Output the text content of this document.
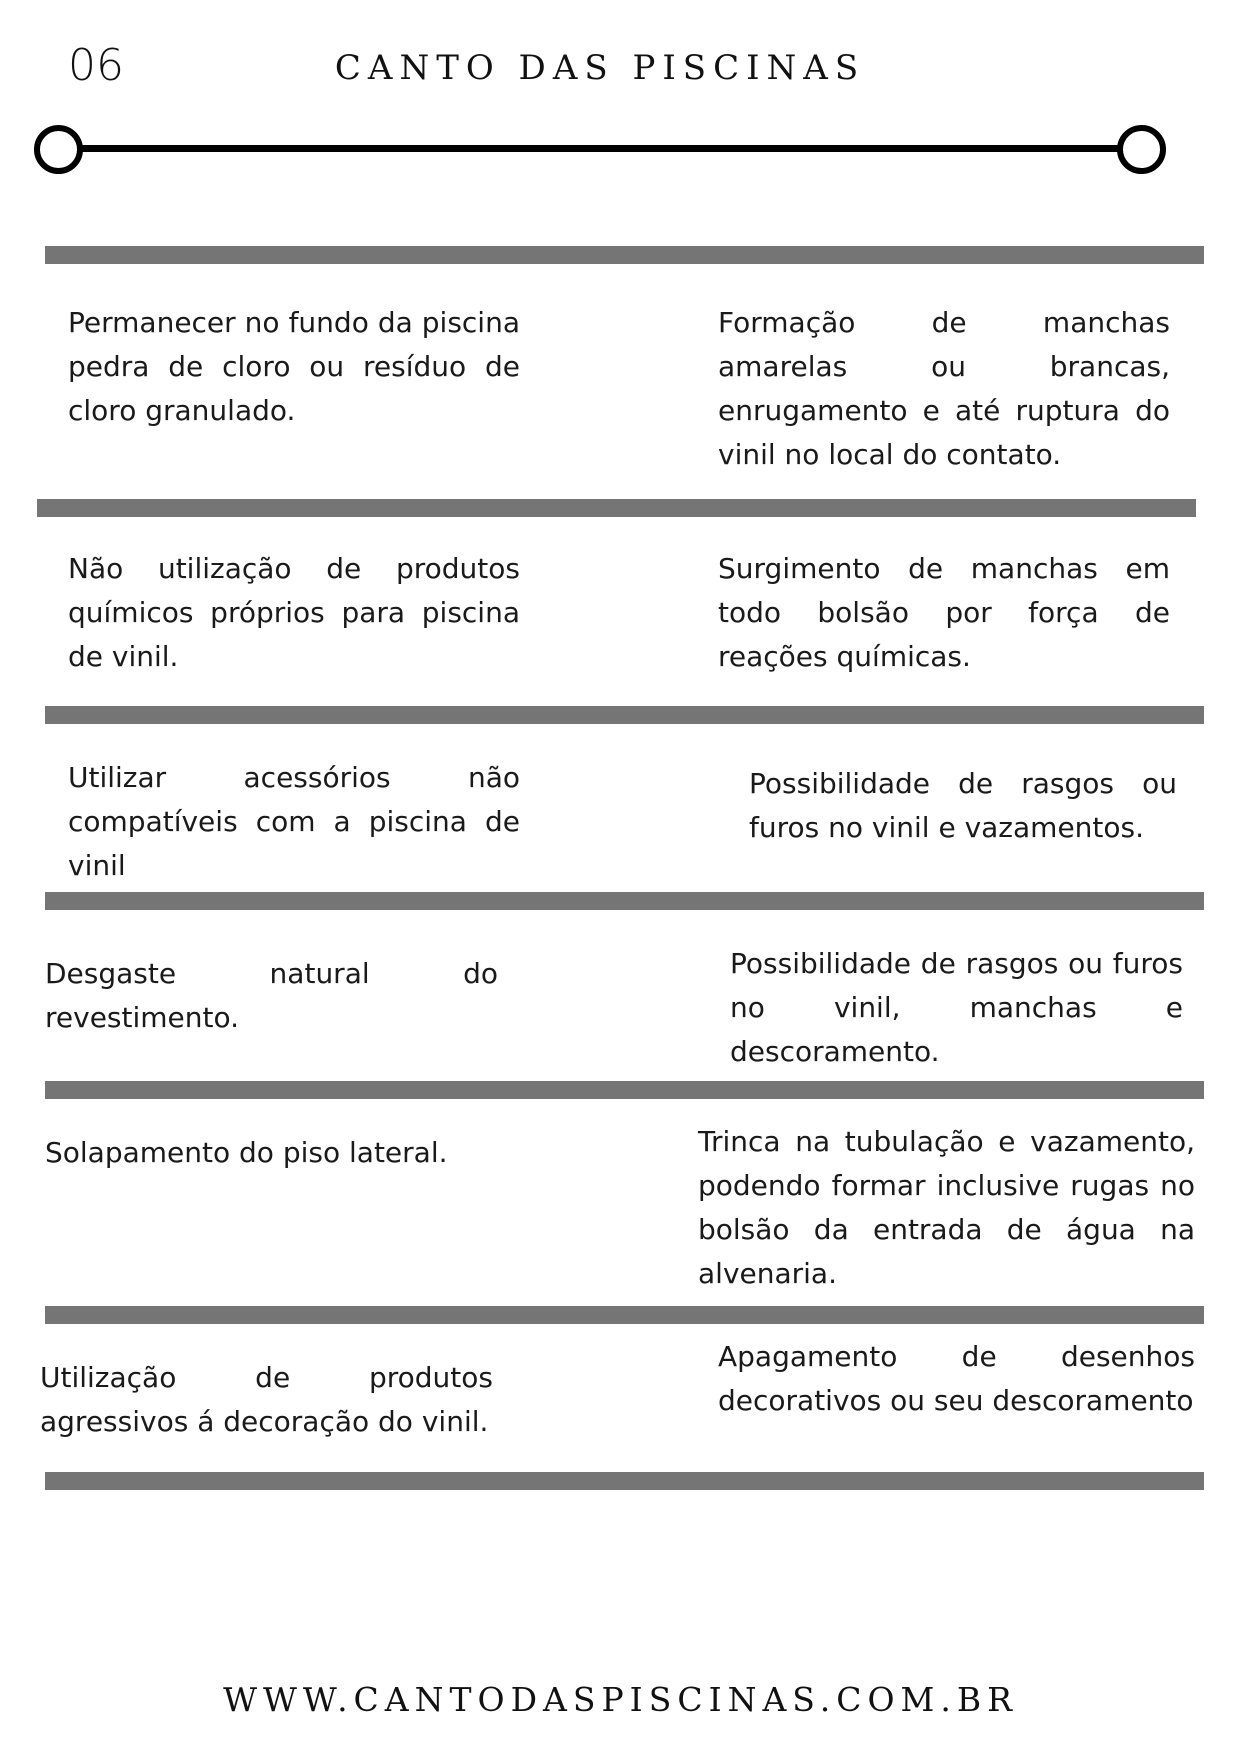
06	CANTO DAS PISCINAS
Permanecer no fundo da piscina pedra de cloro ou resíduo de cloro granulado.
Formação de manchas amarelas ou brancas, enrugamento e até ruptura do vinil no local do contato.
Não utilização de produtos químicos próprios para piscina de vinil.
Surgimento de manchas em todo bolsão por força de reações químicas.
Utilizar acessórios não compatíveis com a piscina de vinil
Possibilidade de rasgos ou furos no vinil e vazamentos.
Desgaste natural do revestimento.
Possibilidade de rasgos ou furos no vinil, manchas e descoramento.
Solapamento do piso lateral.	Trinca na tubulação e vazamento, podendo formar inclusive rugas no bolsão da entrada de água na alvenaria.
Utilização de produtos agressivos á decoração do vinil.
Apagamento de desenhos decorativos ou seu descoramento
WWW.CANTODASPISCINAS.COM.BR
